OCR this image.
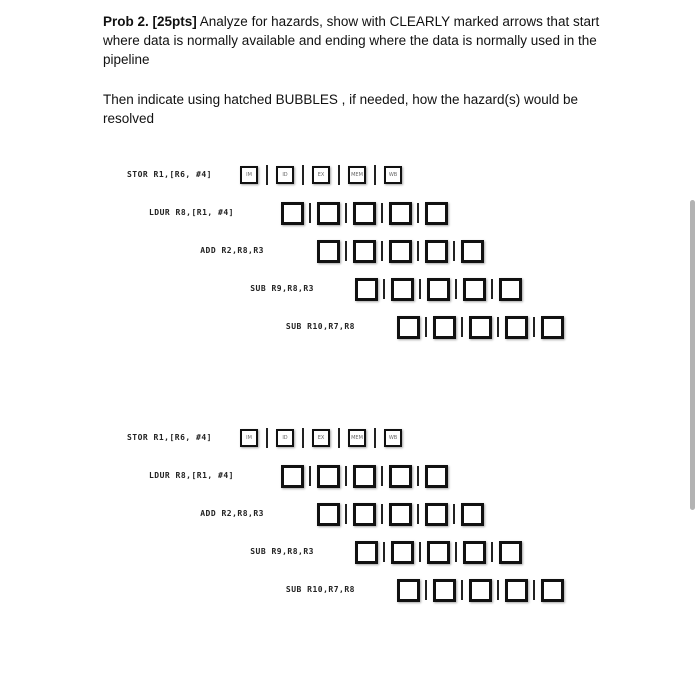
Prob 2. [25pts] Analyze for hazards, show with CLEARLY marked arrows that start where data is normally available and ending where the data is normally used in the pipeline
Then indicate using hatched BUBBLES , if needed, how the hazard(s) would be resolved
STOR R1,[R6, #4]	IM	ID	EX	MEM	WB
LDUR R8,[R1, #4]
ADD R2,R8,R3
SUB R9,R8,R3
SUB R10,R7,R8
STOR R1,[R6, #4]	IM	ID	EX	MEM	WB
LDUR R8,[R1, #4]
ADD R2,R8,R3
SUB R9,R8,R3
SUB R10,R7,R8
